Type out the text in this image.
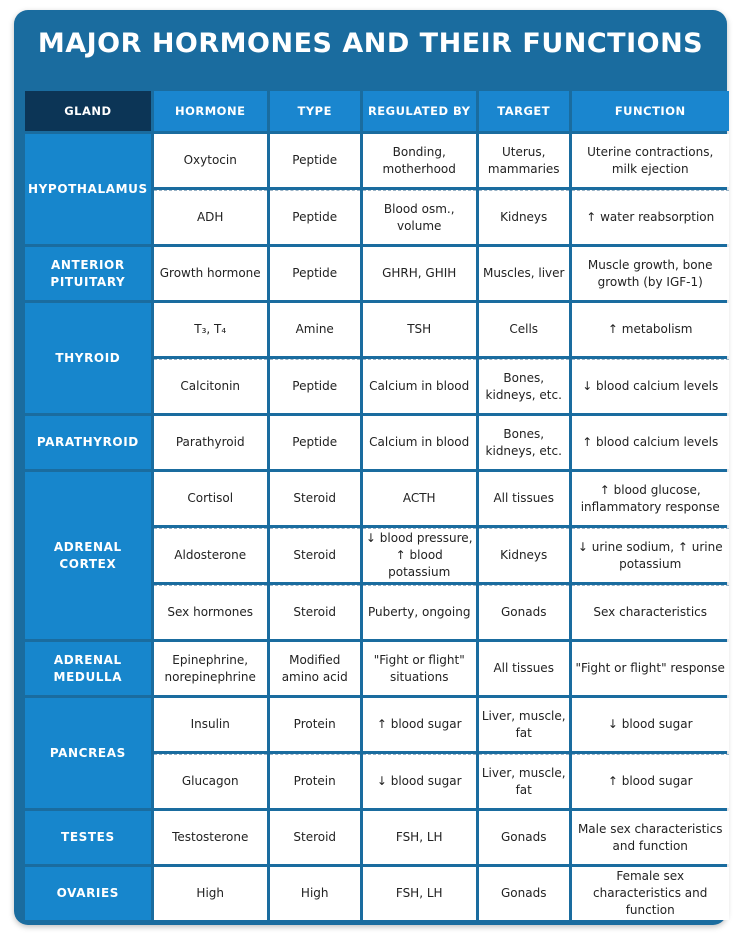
MAJOR HORMONES AND THEIR FUNCTIONS
GLAND	HORMONE	TYPE	REGULATED BY	TARGET	FUNCTION
HYPOTHALAMUS	Oxytocin	Peptide	Bonding, motherhood	Uterus, mammaries	Uterine contractions, milk ejection
	ADH	Peptide	Blood osm., volume	Kidneys	↑ water reabsorption
ANTERIOR PITUITARY	Growth hormone	Peptide	GHRH, GHIH	Muscles, liver	Muscle growth, bone growth (by IGF-1)
THYROID	T₃, T₄	Amine	TSH	Cells	↑ metabolism
	Calcitonin	Peptide	Calcium in blood	Bones, kidneys, etc.	↓ blood calcium levels
PARATHYROID	Parathyroid	Peptide	Calcium in blood	Bones, kidneys, etc.	↑ blood calcium levels
ADRENAL CORTEX	Cortisol	Steroid	ACTH	All tissues	↑ blood glucose, inflammatory response
	Aldosterone	Steroid	↓ blood pressure, ↑ blood potassium	Kidneys	↓ urine sodium, ↑ urine potassium
	Sex hormones	Steroid	Puberty, ongoing	Gonads	Sex characteristics
ADRENAL MEDULLA	Epinephrine, norepinephrine	Modified amino acid	"Fight or flight" situations	All tissues	"Fight or flight" response
PANCREAS	Insulin	Protein	↑ blood sugar	Liver, muscle, fat	↓ blood sugar
	Glucagon	Protein	↓ blood sugar	Liver, muscle, fat	↑ blood sugar
TESTES	Testosterone	Steroid	FSH, LH	Gonads	Male sex characteristics and function
OVARIES	High	High	FSH, LH	Gonads	Female sex characteristics and function
